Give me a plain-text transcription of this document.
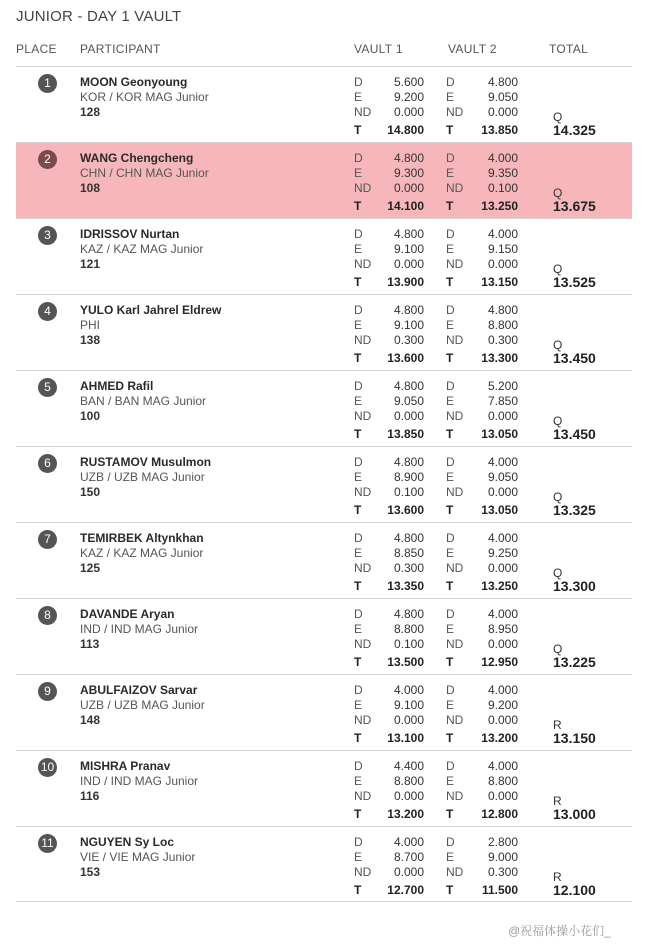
JUNIOR - DAY 1 VAULT
PLACE PARTICIPANT	VAULT 1	VAULT 2	TOTAL
1	MOON Geonyoung
KOR / KOR MAG Junior
128
D	5.600 D	4.800
E	9.200 E	9.050
ND	0.000 ND	0.000
T	14.800 T	13.850
Q
14.325
2	WANG Chengcheng
CHN / CHN MAG Junior
108
D	4.800 D	4.000
E	9.300 E	9.350
ND	0.000 ND	0.100
T	14.100 T	13.250
Q
13.675
3	IDRISSOV Nurtan
KAZ / KAZ MAG Junior
121
D	4.800 D	4.000
E	9.100 E	9.150
ND	0.000 ND	0.000
T	13.900 T	13.150
Q
13.525
4	YULO Karl Jahrel Eldrew
PHI
138
D	4.800 D	4.800
E	9.100 E	8.800
ND	0.300 ND	0.300
T	13.600 T	13.300
Q
13.450
5	AHMED Rafil
BAN / BAN MAG Junior
100
D	4.800 D	5.200
E	9.050 E	7.850
ND	0.000 ND	0.000
T	13.850 T	13.050
Q
13.450
6	RUSTAMOV Musulmon
UZB / UZB MAG Junior
150
D	4.800 D	4.000
E	8.900 E	9.050
ND	0.100 ND	0.000
T	13.600 T	13.050
Q
13.325
7	TEMIRBEK Altynkhan
KAZ / KAZ MAG Junior
125
D	4.800 D	4.000
E	8.850 E	9.250
ND	0.300 ND	0.000
T	13.350 T	13.250
Q
13.300
8	DAVANDE Aryan
IND / IND MAG Junior
113
D	4.800 D	4.000
E	8.800 E	8.950
ND	0.100 ND	0.000
T	13.500 T	12.950
Q
13.225
9	ABULFAIZOV Sarvar
UZB / UZB MAG Junior
148
D	4.000 D	4.000
E	9.100 E	9.200
ND	0.000 ND	0.000
T	13.100 T	13.200
R
13.150
10 MISHRA Pranav
IND / IND MAG Junior
116
D	4.400 D	4.000
E	8.800 E	8.800
ND	0.000 ND	0.000
T	13.200 T	12.800
R
13.000
11 NGUYEN Sy Loc
VIE / VIE MAG Junior
153
D	4.000 D	2.800
E	8.700 E	9.000
ND	0.000 ND	0.300
T	12.700 T	11.500
R
12.100
@祝福体操小花们_
